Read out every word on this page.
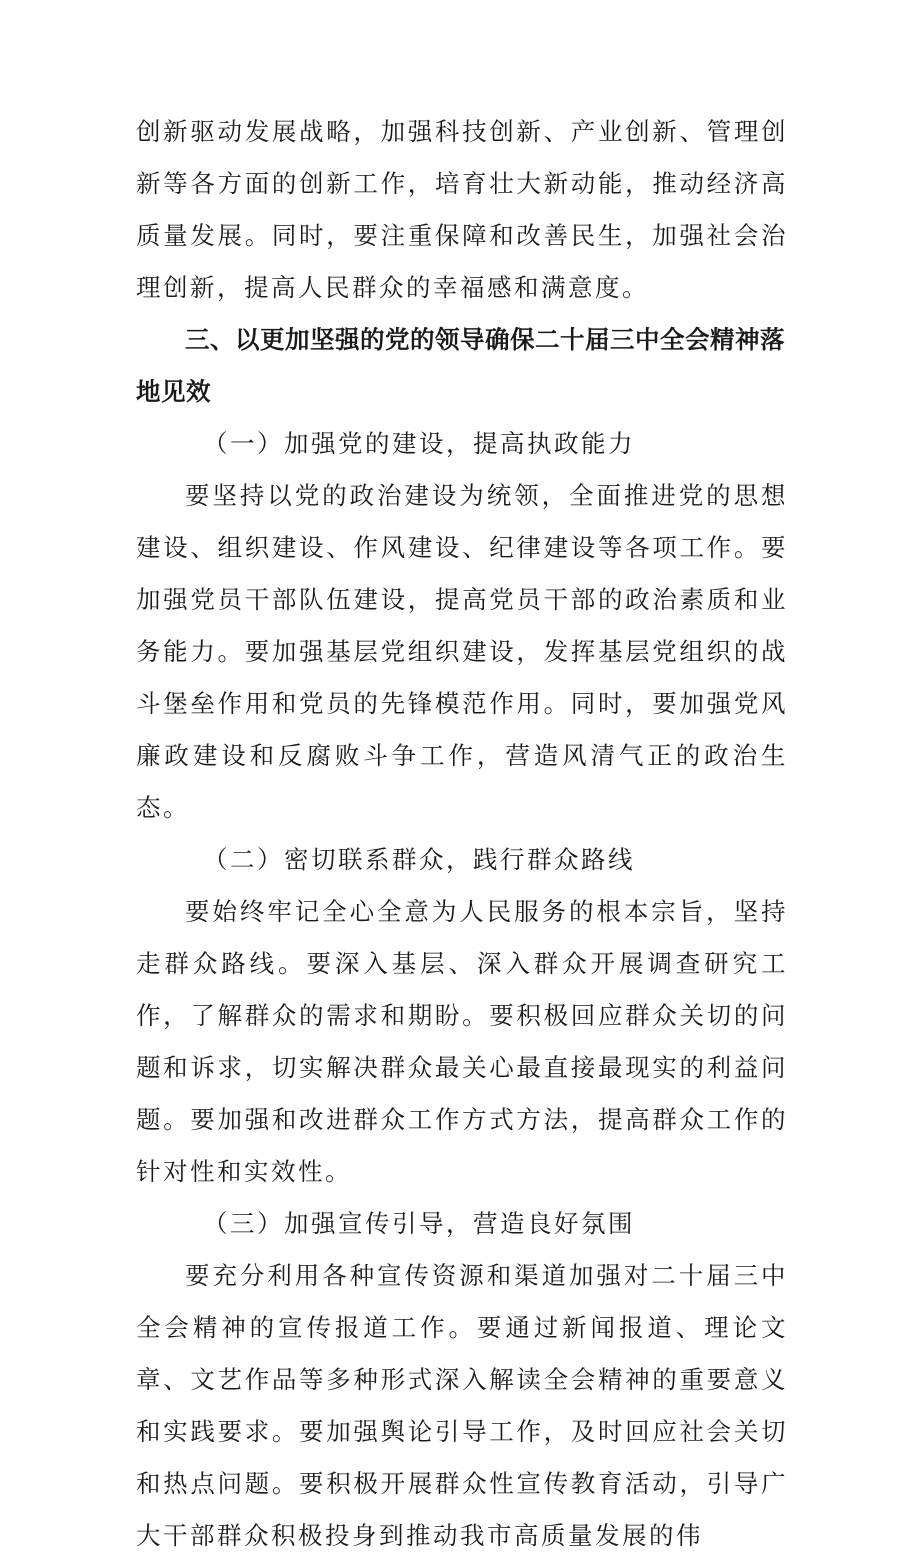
创新驱动发展战略，加强科技创新、产业创新、管理创新等各方面的创新工作，培育壮大新动能，推动经济高质量发展。同时，要注重保障和改善民生，加强社会治理创新，提高人民群众的幸福感和满意度。

三、以更加坚强的党的领导确保二十届三中全会精神落地见效

（一）加强党的建设，提高执政能力

要坚持以党的政治建设为统领，全面推进党的思想建设、组织建设、作风建设、纪律建设等各项工作。要加强党员干部队伍建设，提高党员干部的政治素质和业务能力。要加强基层党组织建设，发挥基层党组织的战斗堡垒作用和党员的先锋模范作用。同时，要加强党风廉政建设和反腐败斗争工作，营造风清气正的政治生态。

（二）密切联系群众，践行群众路线

要始终牢记全心全意为人民服务的根本宗旨，坚持走群众路线。要深入基层、深入群众开展调查研究工作，了解群众的需求和期盼。要积极回应群众关切的问题和诉求，切实解决群众最关心最直接最现实的利益问题。要加强和改进群众工作方式方法，提高群众工作的针对性和实效性。

（三）加强宣传引导，营造良好氛围

要充分利用各种宣传资源和渠道加强对二十届三中全会精神的宣传报道工作。要通过新闻报道、理论文章、文艺作品等多种形式深入解读全会精神的重要意义和实践要求。要加强舆论引导工作，及时回应社会关切和热点问题。要积极开展群众性宣传教育活动，引导广大干部群众积极投身到推动我市高质量发展的伟
